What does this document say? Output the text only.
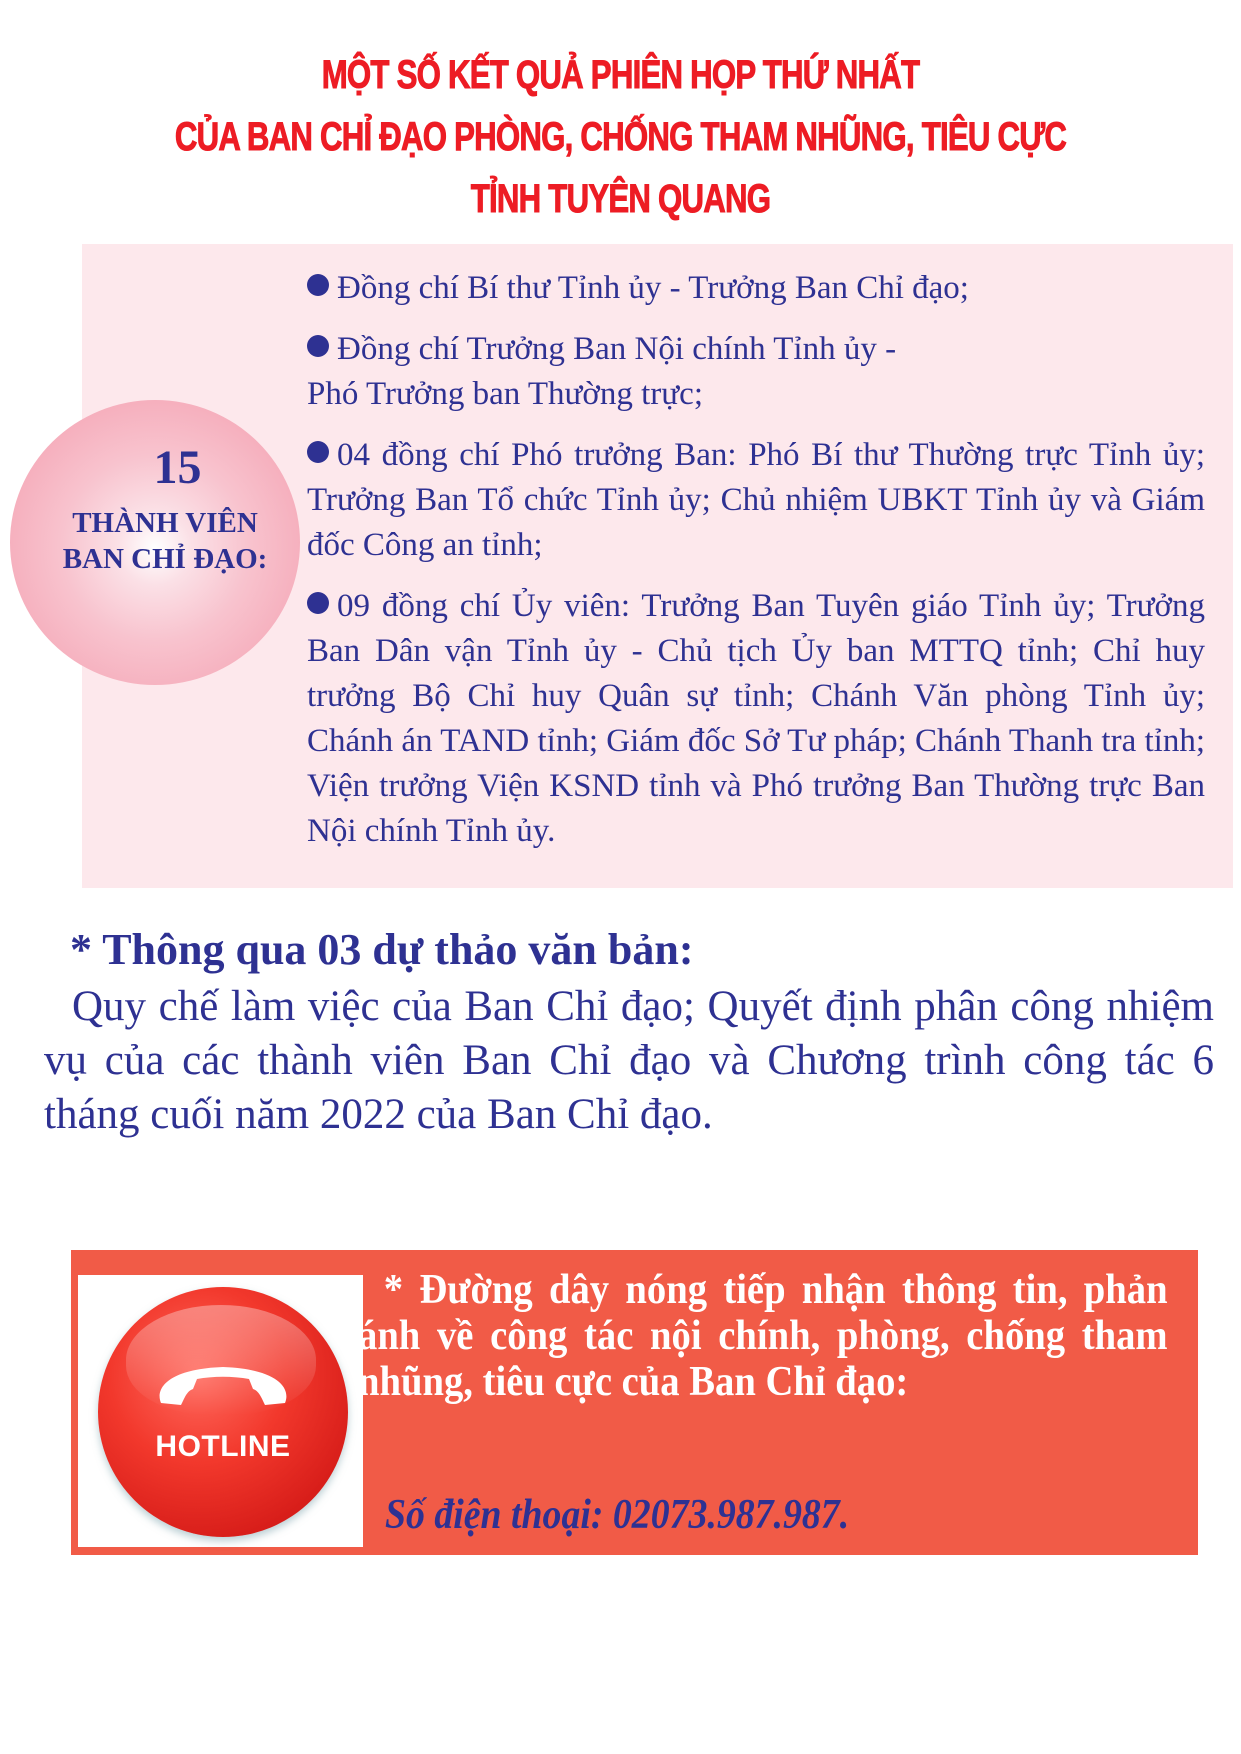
MỘT SỐ KẾT QUẢ PHIÊN HỌP THỨ NHẤT
CỦA BAN CHỈ ĐẠO PHÒNG, CHỐNG THAM NHŨNG, TIÊU CỰC
TỈNH TUYÊN QUANG
15
THÀNH VIÊN
BAN CHỈ ĐẠO:
Đồng chí Bí thư Tỉnh ủy - Trưởng Ban Chỉ đạo;
Đồng chí Trưởng Ban Nội chính Tỉnh ủy -
Phó Trưởng ban Thường trực;
04 đồng chí Phó trưởng Ban: Phó Bí thư Thường trực Tỉnh ủy; Trưởng Ban Tổ chức Tỉnh ủy; Chủ nhiệm UBKT Tỉnh ủy và Giám đốc Công an tỉnh;
09 đồng chí Ủy viên: Trưởng Ban Tuyên giáo Tỉnh ủy; Trưởng Ban Dân vận Tỉnh ủy - Chủ tịch Ủy ban MTTQ tỉnh; Chỉ huy trưởng Bộ Chỉ huy Quân sự tỉnh; Chánh Văn phòng Tỉnh ủy; Chánh án TAND tỉnh; Giám đốc Sở Tư pháp; Chánh Thanh tra tỉnh; Viện trưởng Viện KSND tỉnh và Phó trưởng Ban Thường trực Ban Nội chính Tỉnh ủy.
* Thông qua 03 dự thảo văn bản:
Quy chế làm việc của Ban Chỉ đạo; Quyết định phân công nhiệm vụ của các thành viên Ban Chỉ đạo và Chương trình công tác 6 tháng cuối năm 2022 của Ban Chỉ đạo.
HOTLINE
* Đường dây nóng tiếp nhận thông tin, phản ánh về công tác nội chính, phòng, chống tham nhũng, tiêu cực của Ban Chỉ đạo:
Số điện thoại: 02073.987.987.
